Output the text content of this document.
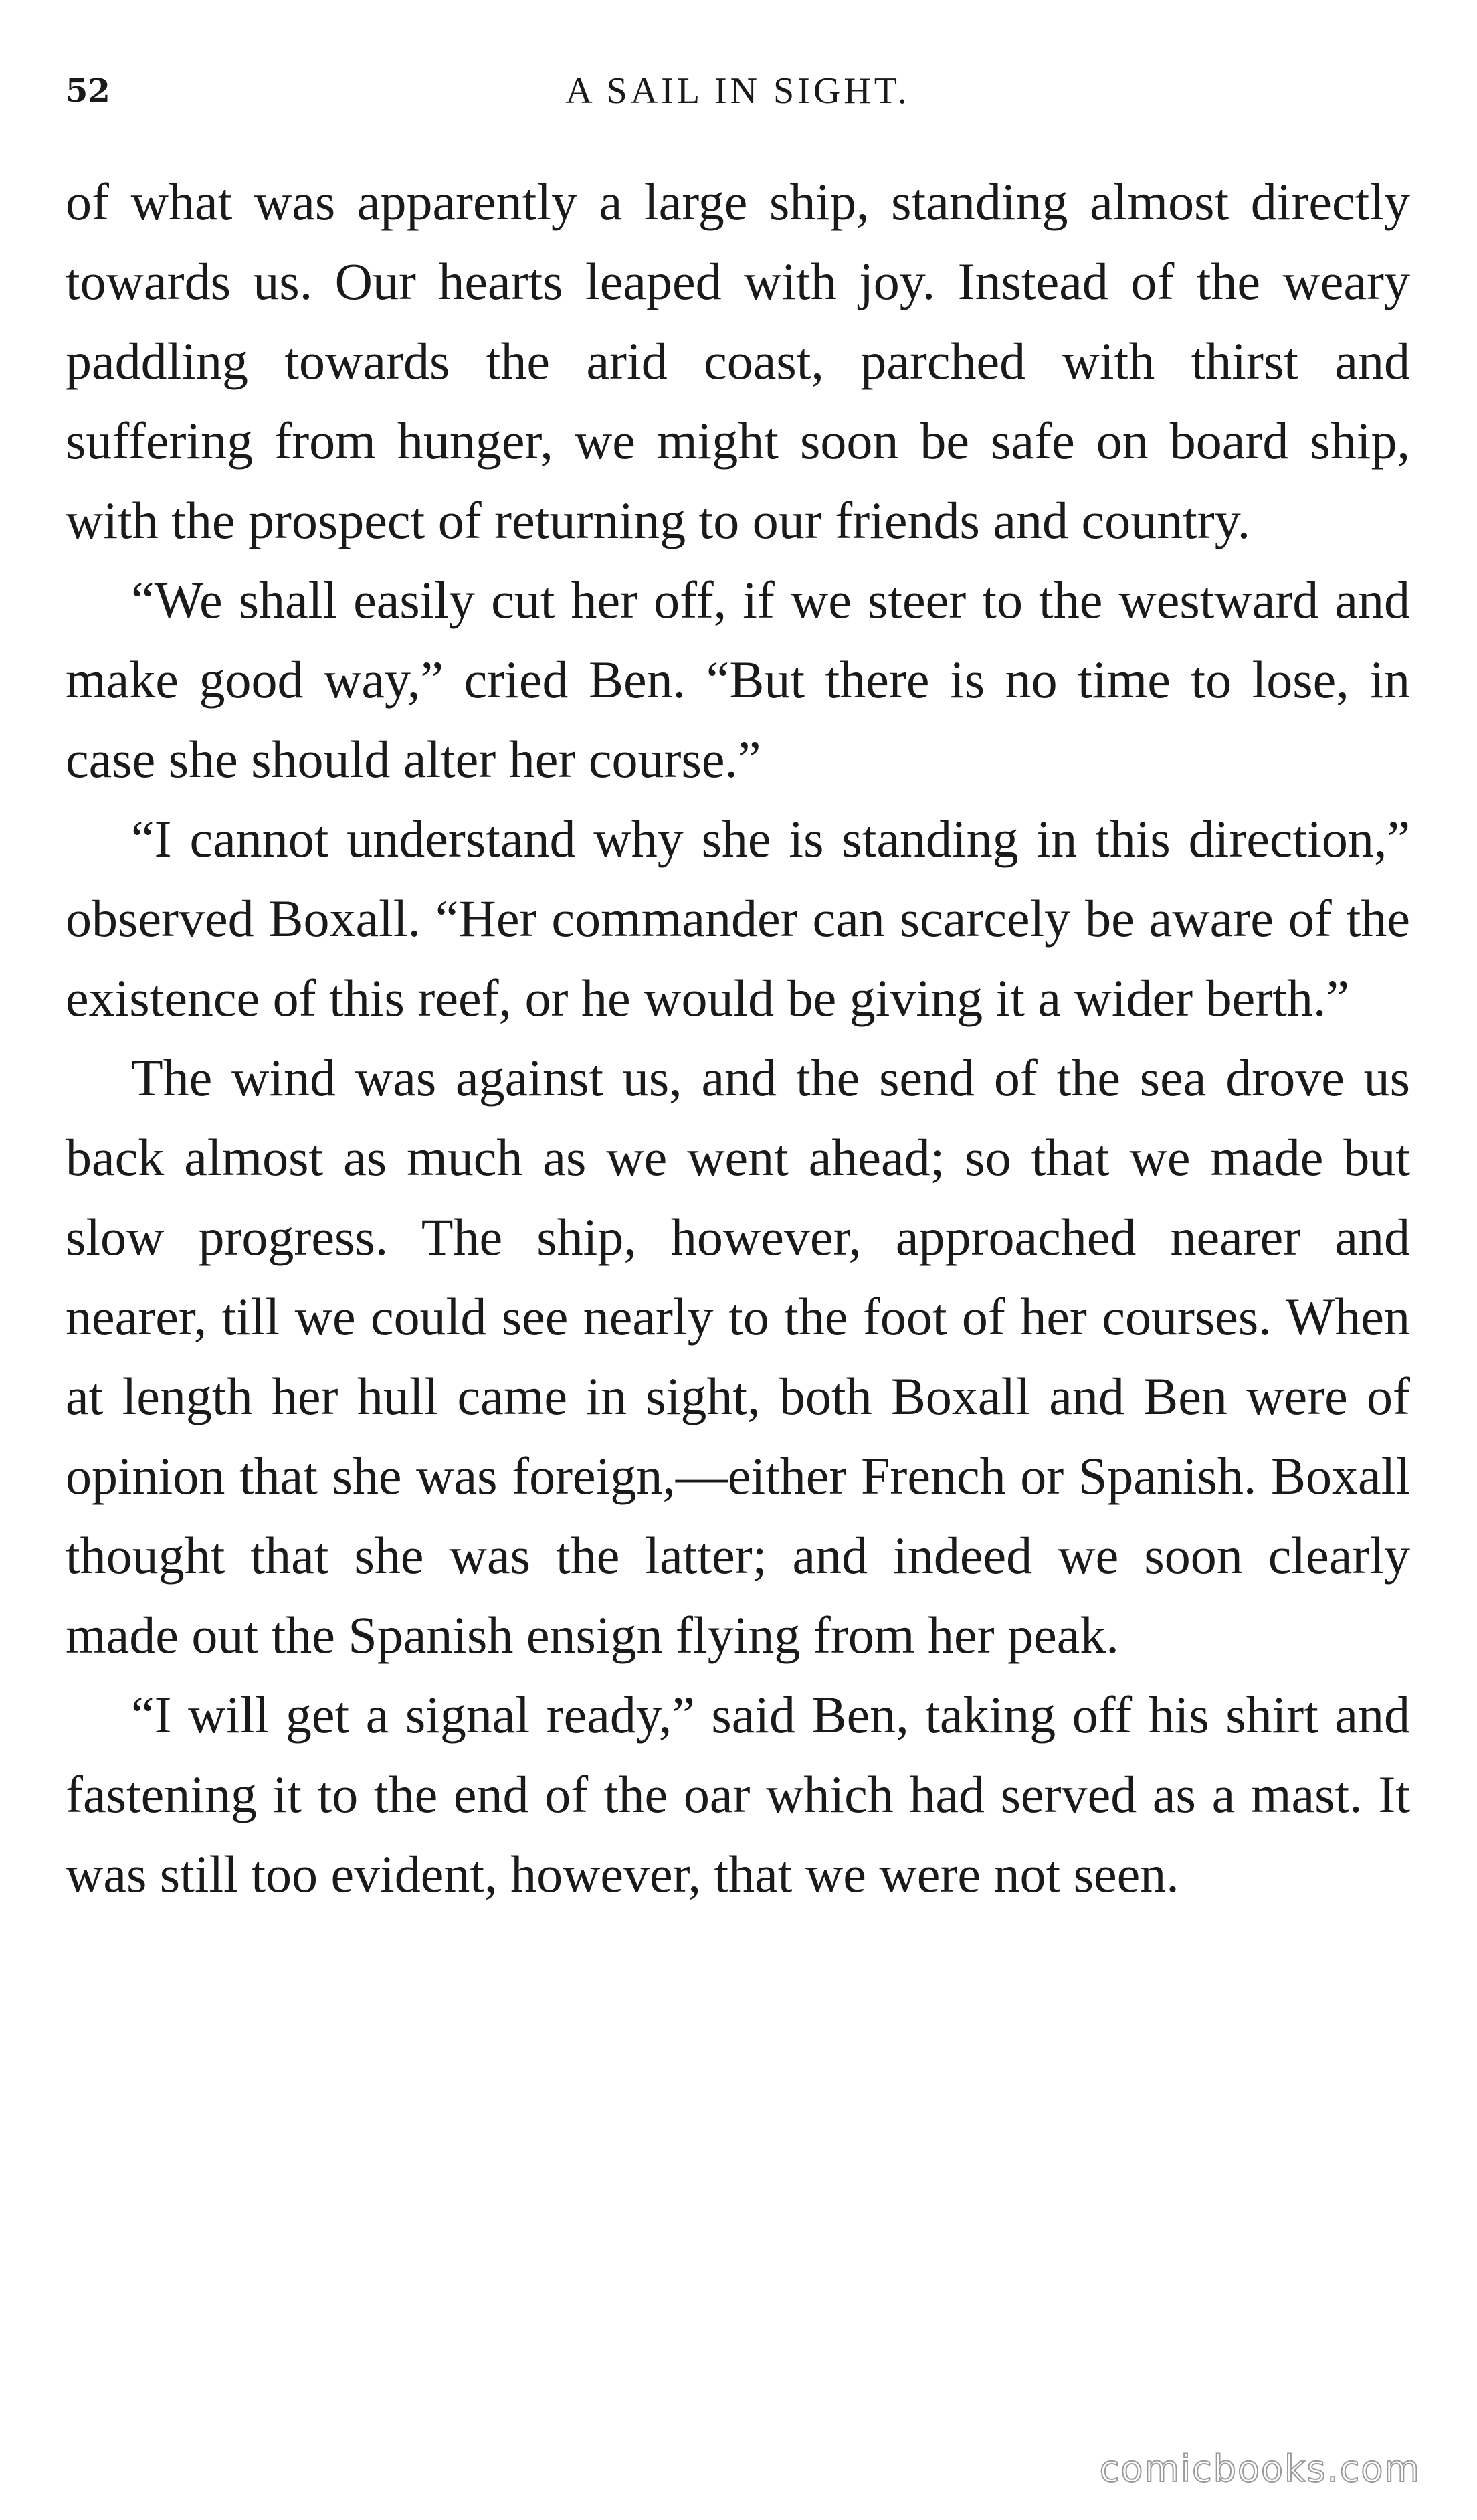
52	A SAIL IN SIGHT.

of what was apparently a large ship, standing almost directly towards us. Our hearts leaped with joy. Instead of the weary paddling towards the arid coast, parched with thirst and suffering from hunger, we might soon be safe on board ship, with the prospect of returning to our friends and country.

“We shall easily cut her off, if we steer to the westward and make good way,” cried Ben. “But there is no time to lose, in case she should alter her course.”

“I cannot understand why she is standing in this direction,” observed Boxall. “Her commander can scarcely be aware of the existence of this reef, or he would be giving it a wider berth.”

The wind was against us, and the send of the sea drove us back almost as much as we went ahead; so that we made but slow progress. The ship, however, approached nearer and nearer, till we could see nearly to the foot of her courses. When at length her hull came in sight, both Boxall and Ben were of opinion that she was foreign,—either French or Spanish. Boxall thought that she was the latter; and indeed we soon clearly made out the Spanish ensign flying from her peak.

“I will get a signal ready,” said Ben, taking off his shirt and fastening it to the end of the oar which had served as a mast. It was still too evident, however, that we were not seen.

comicbooks.com
